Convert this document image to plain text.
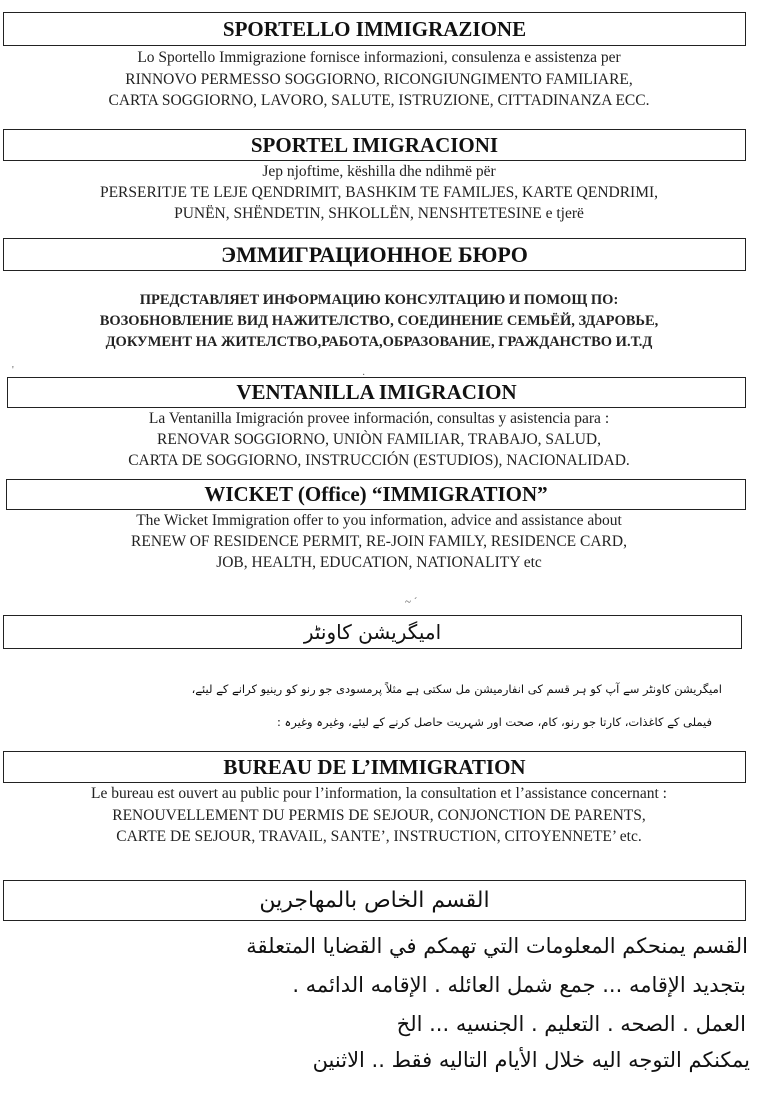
SPORTELLO IMMIGRAZIONE
Lo Sportello Immigrazione fornisce informazioni, consulenza e assistenza per
RINNOVO PERMESSO SOGGIORNO, RICONGIUNGIMENTO FAMILIARE,
CARTA SOGGIORNO, LAVORO, SALUTE, ISTRUZIONE, CITTADINANZA ECC.
SPORTEL IMIGRACIONI
Jep njoftime, këshilla dhe ndihmë për
PERSERITJE TE LEJE QENDRIMIT, BASHKIM TE FAMILJES, KARTE QENDRIMI,
PUNËN, SHËNDETIN, SHKOLLËN, NENSHTETESINE e tjerë
ЭММИГРАЦИОННОЕ БЮРО
ПРЕДСТАВЛЯЕТ ИНФОРМАЦИЮ КОНСУЛТАЦИЮ И ПОМОЩ ПО:
ВОЗОБНОВЛЕНИЕ ВИД НАЖИТЕЛСТВО, СОЕДИНЕНИЕ СЕМЬЁЙ, ЗДАРОВЬЕ,
ДОКУМЕНТ НА ЖИТЕЛСТВО,РАБОТА,ОБРАЗОВАНИЕ, ГРАЖДАНСТВО И.Т.Д
'	·
VENTANILLA IMIGRACION
La Ventanilla Imigración provee información, consultas y asistencia para :
RENOVAR SOGGIORNO, UNIÒN FAMILIAR, TRABAJO, SALUD,
CARTA DE SOGGIORNO, INSTRUCCIÓN (ESTUDIOS), NACIONALIDAD.
WICKET (Office) “IMMIGRATION”
The Wicket Immigration offer to you information, advice and assistance about
RENEW OF RESIDENCE PERMIT, RE-JOIN FAMILY, RESIDENCE CARD,
JOB, HEALTH, EDUCATION, NATIONALITY etc
امیگریشن کاونٹر
~ ˊ
امیگریشن کاونٹر سے آپ کو ہر قسم کی انفارمیشن مل سکتی ہے مثلاً پرمسودی جو رنو کو رینیو کرانے کے لیئے،
فیملی کے کاغذات، کارتا جو رنو، کام، صحت اور شہریت حاصل کرنے کے لیئے، وغیرہ وغیرہ :
BUREAU DE L’IMMIGRATION
Le bureau est ouvert au public pour l’information, la consultation et l’assistance concernant :
RENOUVELLEMENT DU PERMIS DE SEJOUR, CONJONCTION DE PARENTS,
CARTE DE SEJOUR, TRAVAIL, SANTE’, INSTRUCTION, CITOYENNETE’ etc.
القسم الخاص بالمهاجرين
القسم يمنحكم المعلومات التي تهمكم في القضايا المتعلقة
بتجديد الإقامه ... جمع شمل العائله . الإقامه الدائمه .
العمل . الصحه . التعليم . الجنسيه ... الخ
يمكنكم التوجه اليه خلال الأيام التاليه فقط .. الاثنين
